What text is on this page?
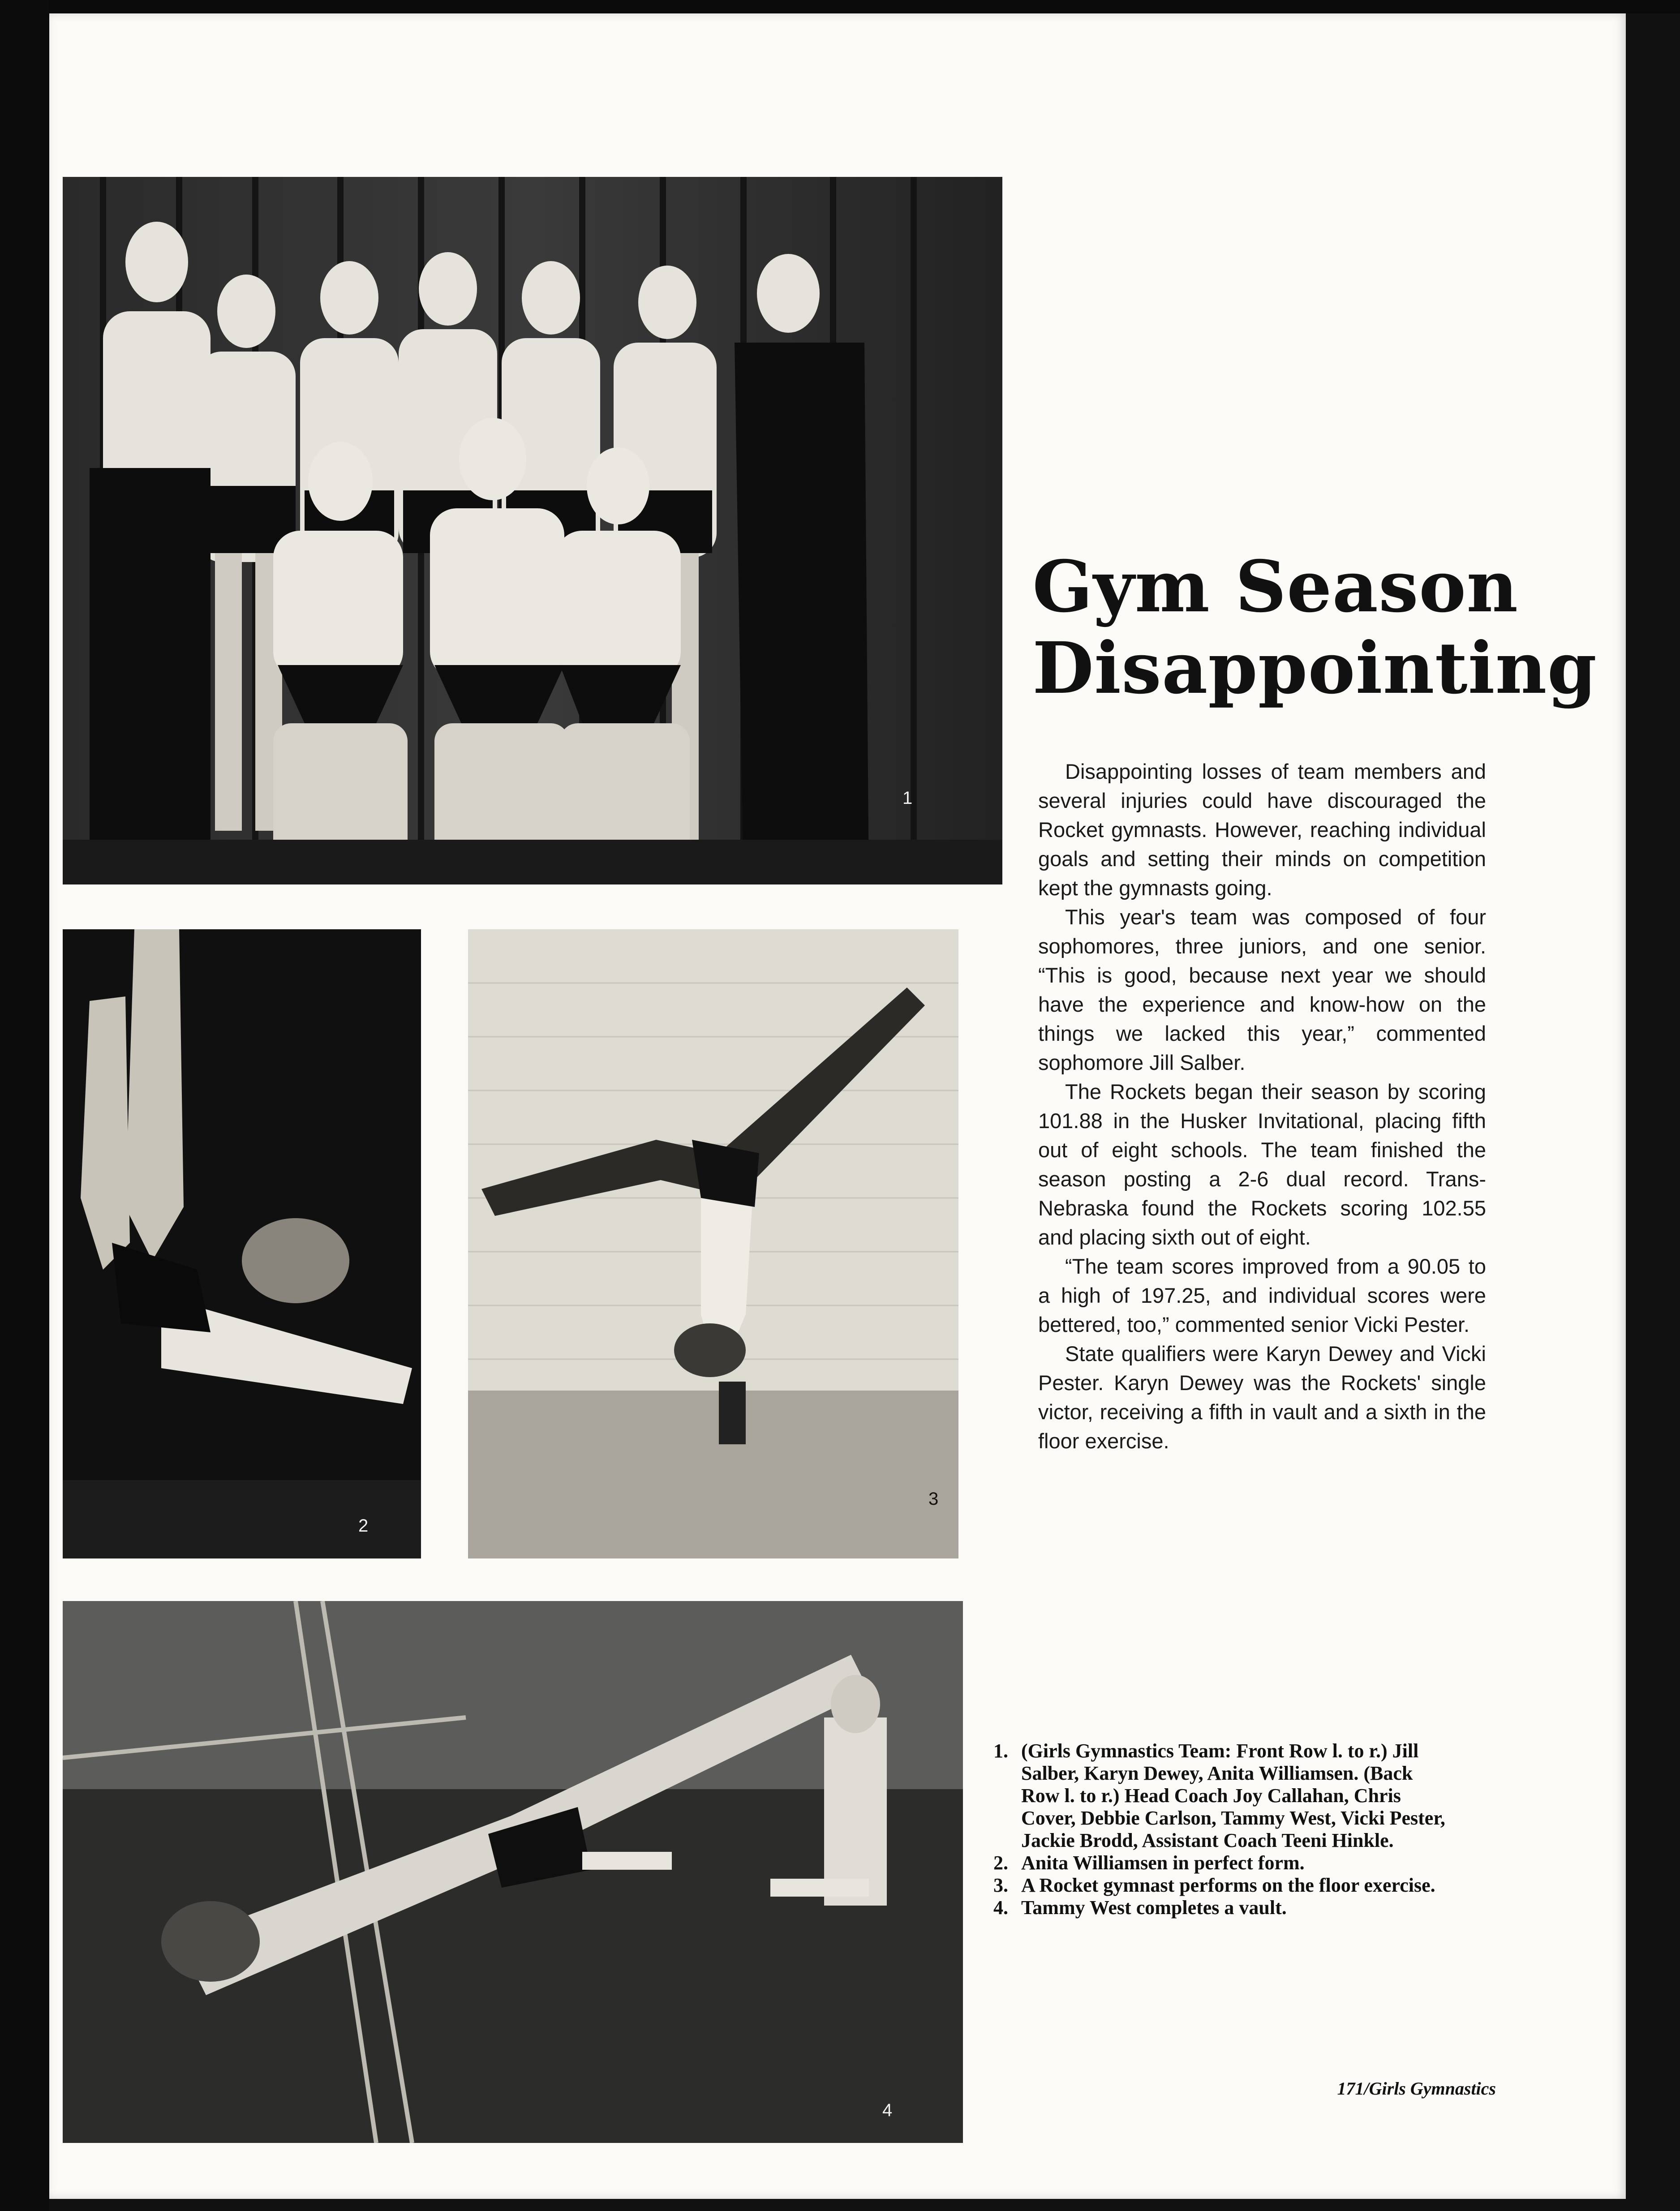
1
2
3
4
Gym Season
Disappointing

Disappointing losses of team members and several injuries could have discouraged the Rocket gymnasts. However, reaching individual goals and setting their minds on competition kept the gymnasts going.

This year's team was composed of four sophomores, three juniors, and one senior. “This is good, because next year we should have the experience and know-how on the things we lacked this year,” commented sophomore Jill Salber.

The Rockets began their season by scoring 101.88 in the Husker Invitational, placing fifth out of eight schools. The team finished the season posting a 2-6 dual record. Trans-Nebraska found the Rockets scoring 102.55 and placing sixth out of eight.

“The team scores improved from a 90.05 to a high of 197.25, and individual scores were bettered, too,” commented senior Vicki Pester.

State qualifiers were Karyn Dewey and Vicki Pester. Karyn Dewey was the Rockets' single victor, receiving a fifth in vault and a sixth in the floor exercise.

1. (Girls Gymnastics Team: Front Row l. to r.) Jill Salber, Karyn Dewey, Anita Williamsen. (Back Row l. to r.) Head Coach Joy Callahan, Chris Cover, Debbie Carlson, Tammy West, Vicki Pester, Jackie Brodd, Assistant Coach Teeni Hinkle.
2. Anita Williamsen in perfect form.
3. A Rocket gymnast performs on the floor exercise.
4. Tammy West completes a vault.
171/Girls Gymnastics
